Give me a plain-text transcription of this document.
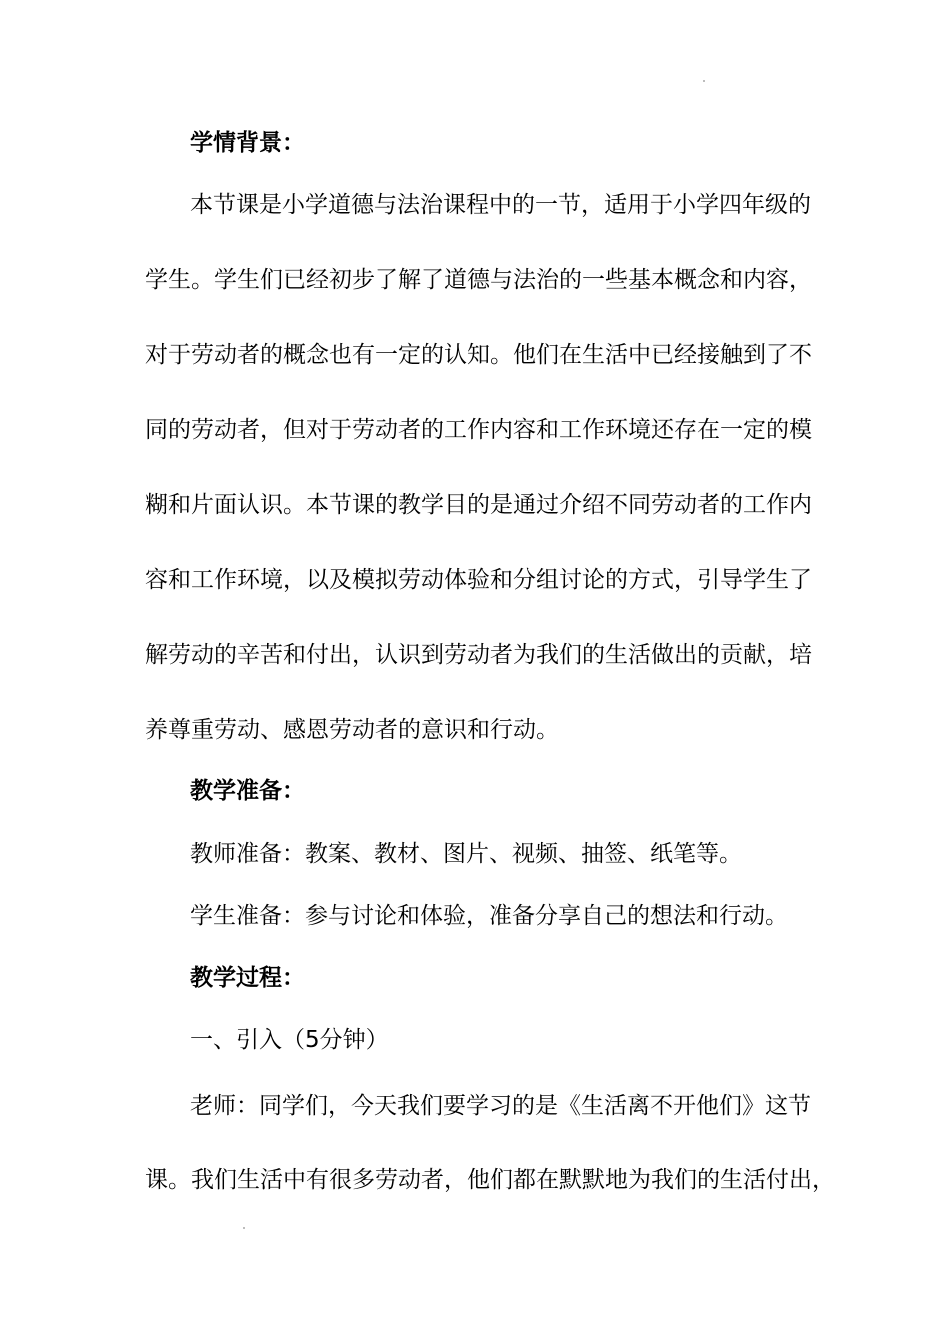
学情背景：
本节课是小学道德与法治课程中的一节，适用于小学四年级的
学生。学生们已经初步了解了道德与法治的一些基本概念和内容，
对于劳动者的概念也有一定的认知。他们在生活中已经接触到了不
同的劳动者，但对于劳动者的工作内容和工作环境还存在一定的模
糊和片面认识。本节课的教学目的是通过介绍不同劳动者的工作内
容和工作环境，以及模拟劳动体验和分组讨论的方式，引导学生了
解劳动的辛苦和付出，认识到劳动者为我们的生活做出的贡献，培
养尊重劳动、感恩劳动者的意识和行动。
教学准备：
教师准备：教案、教材、图片、视频、抽签、纸笔等。
学生准备：参与讨论和体验，准备分享自己的想法和行动。
教学过程：
一、引入（5分钟）
老师：同学们，今天我们要学习的是《生活离不开他们》这节
课。我们生活中有很多劳动者，他们都在默默地为我们的生活付出，
